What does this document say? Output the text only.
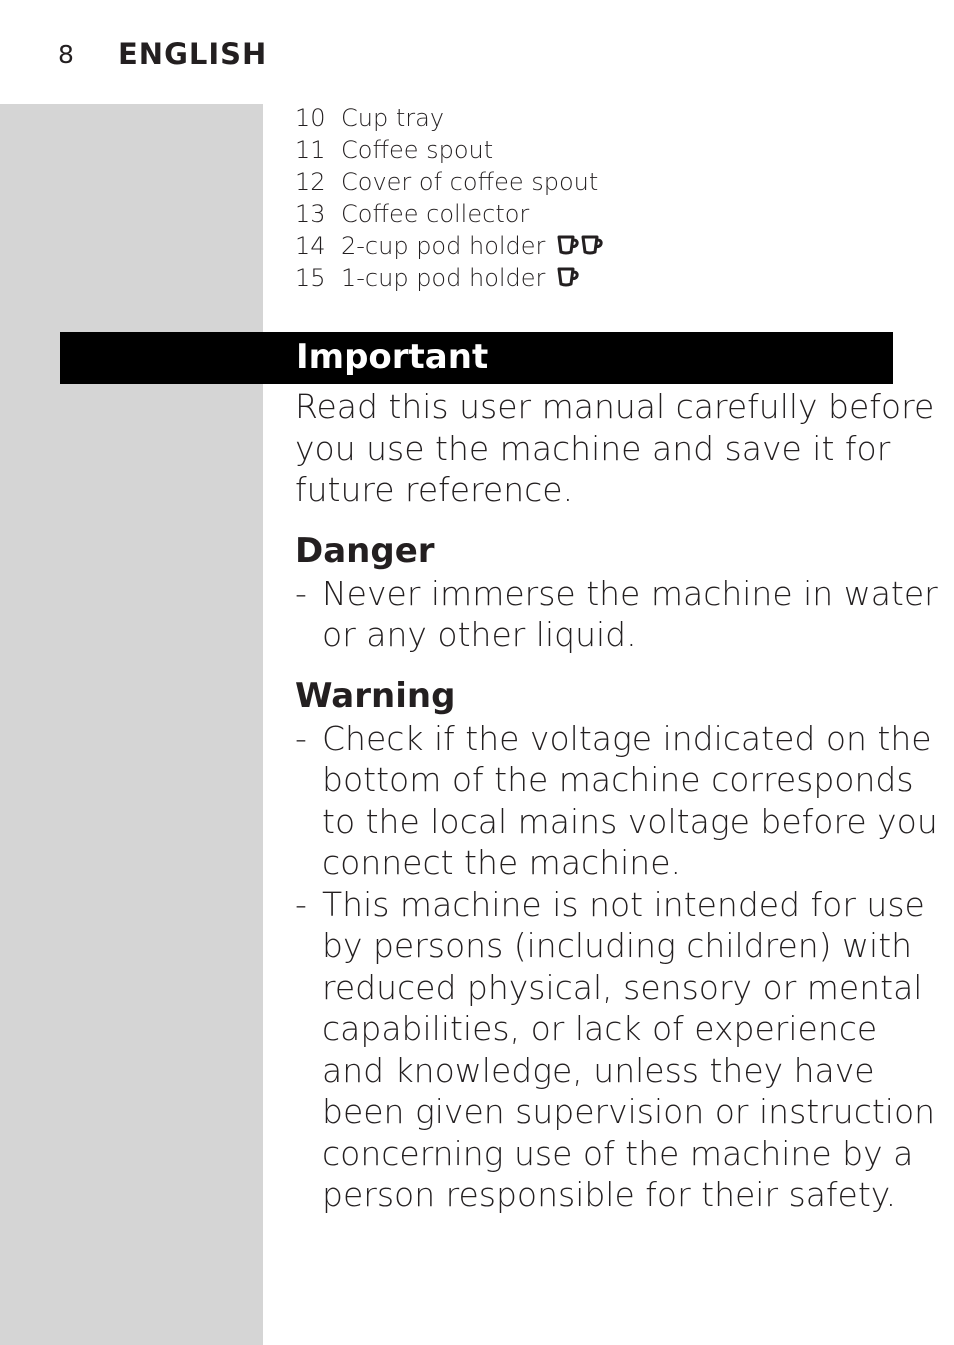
8 ENGLISH
10 Cup tray
11 Coffee spout
12 Cover of coffee spout
13 Coffee collector
14 2-cup pod holder
15 1-cup pod holder
Important

Read this user manual carefully before
you use the machine and save it for
future reference.

Danger
- Never immerse the machine in water
or any other liquid.
Warning
- Check if the voltage indicated on the
bottom of the machine corresponds
to the local mains voltage before you
connect the machine.
- This machine is not intended for use
by persons (including children) with
reduced physical, sensory or mental
capabilities, or lack of experience
and knowledge, unless they have
been given supervision or instruction
concerning use of the machine by a
person responsible for their safety.
